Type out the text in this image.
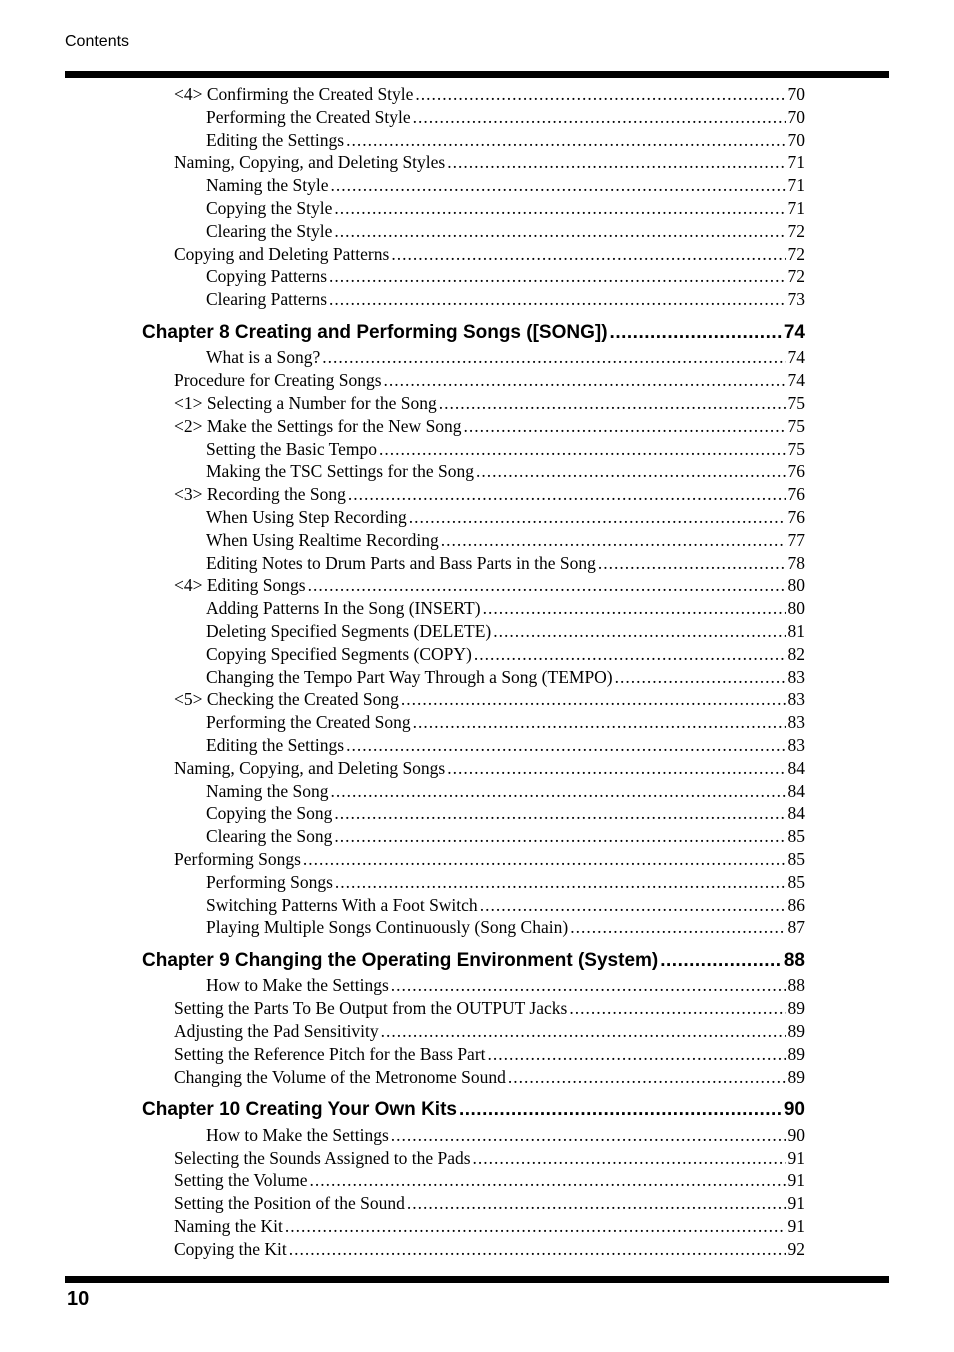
Contents
<4> Confirming the Created Style .....	70
Performing the Created Style .....	70
Editing the Settings .....	70
Naming, Copying, and Deleting Styles .....	71
Naming the Style .....	71
Copying the Style .....	71
Clearing the Style .....	72
Copying and Deleting Patterns .....	72
Copying Patterns .....	72
Clearing Patterns .....	73
Chapter 8 Creating and Performing Songs ([SONG]) .....	74
What is a Song? .....	74
Procedure for Creating Songs .....	74
<1> Selecting a Number for the Song .....	75
<2> Make the Settings for the New Song .....	75
Setting the Basic Tempo .....	75
Making the TSC Settings for the Song .....	76
<3> Recording the Song .....	76
When Using Step Recording .....	76
When Using Realtime Recording .....	77
Editing Notes to Drum Parts and Bass Parts in the Song .....	78
<4> Editing Songs .....	80
Adding Patterns In the Song (INSERT) .....	80
Deleting Specified Segments (DELETE) .....	81
Copying Specified Segments (COPY) .....	82
Changing the Tempo Part Way Through a Song (TEMPO) .....	83
<5> Checking the Created Song .....	83
Performing the Created Song .....	83
Editing the Settings .....	83
Naming, Copying, and Deleting Songs .....	84
Naming the Song .....	84
Copying the Song .....	84
Clearing the Song .....	85
Performing Songs .....	85
Performing Songs .....	85
Switching Patterns With a Foot Switch .....	86
Playing Multiple Songs Continuously (Song Chain) .....	87
Chapter 9 Changing the Operating Environment (System) .....	88
How to Make the Settings .....	88
Setting the Parts To Be Output from the OUTPUT Jacks .....	89
Adjusting the Pad Sensitivity .....	89
Setting the Reference Pitch for the Bass Part .....	89
Changing the Volume of the Metronome Sound .....	89
Chapter 10 Creating Your Own Kits .....	90
How to Make the Settings .....	90
Selecting the Sounds Assigned to the Pads .....	91
Setting the Volume .....	91
Setting the Position of the Sound .....	91
Naming the Kit .....	91
Copying the Kit .....	92
10
